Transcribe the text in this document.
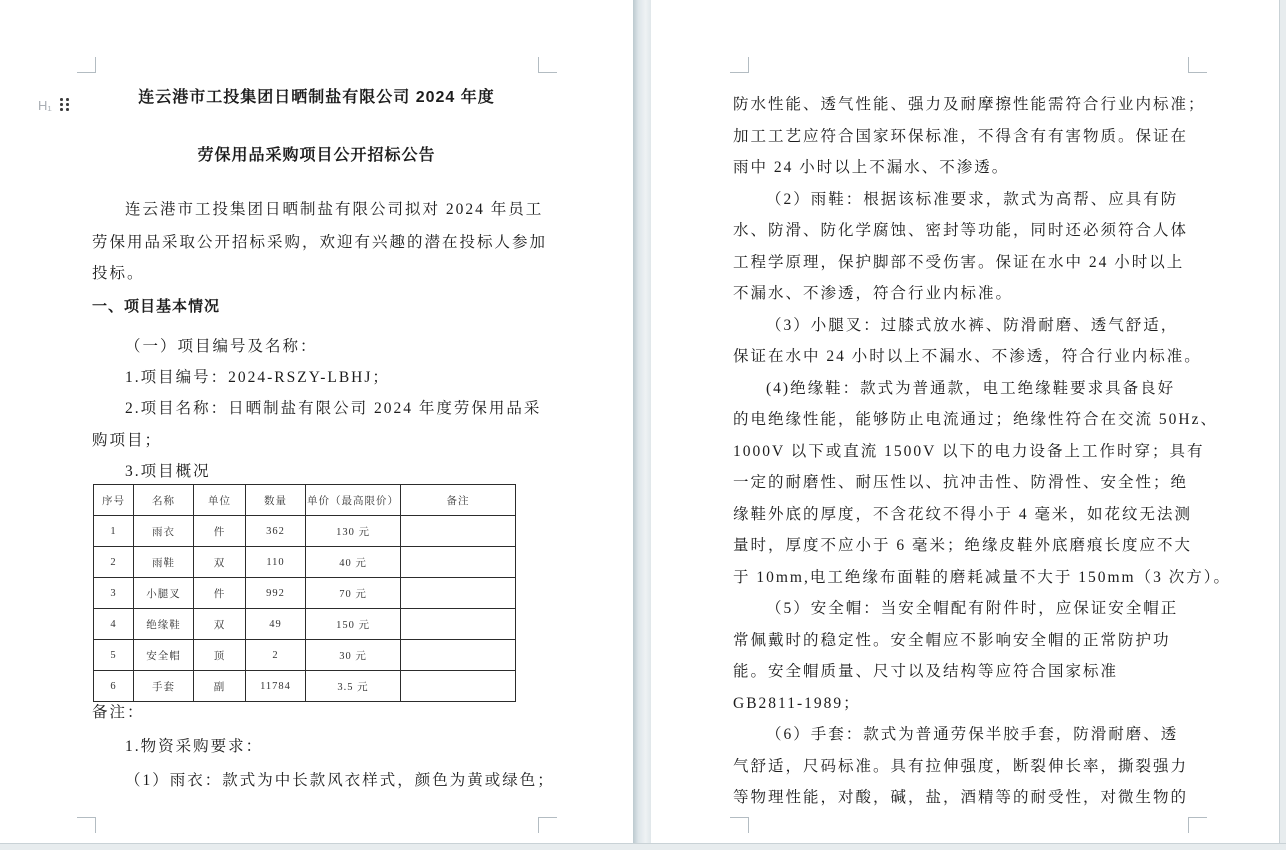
H₁	连云港市工投集团日晒制盐有限公司 2024 年度
劳保用品采购项目公开招标公告
连云港市工投集团日晒制盐有限公司拟对 2024 年员工
劳保用品采取公开招标采购，欢迎有兴趣的潜在投标人参加
投标。
一、项目基本情况
（一）项目编号及名称：
1.项目编号：2024-RSZY-LBHJ；
2.项目名称：日晒制盐有限公司 2024 年度劳保用品采
购项目；
3.项目概况
序号	名称	单位	数量	单价（最高限价）	备注
1	雨衣	件	362	130 元	
2	雨鞋	双	110	40 元	
3	小腿叉	件	992	70 元	
4	绝缘鞋	双	49	150 元	
5	安全帽	顶	2	30 元	
6	手套	副	11784	3.5 元	
备注：
1.物资采购要求：
（1）雨衣：款式为中长款风衣样式，颜色为黄或绿色；
防水性能、透气性能、强力及耐摩擦性能需符合行业内标准；
加工工艺应符合国家环保标准，不得含有有害物质。保证在
雨中 24 小时以上不漏水、不渗透。
（2）雨鞋：根据该标准要求，款式为高帮、应具有防
水、防滑、防化学腐蚀、密封等功能，同时还必须符合人体
工程学原理，保护脚部不受伤害。保证在水中 24 小时以上
不漏水、不渗透，符合行业内标准。
（3）小腿叉：过膝式放水裤、防滑耐磨、透气舒适，
保证在水中 24 小时以上不漏水、不渗透，符合行业内标准。
(4)绝缘鞋：款式为普通款，电工绝缘鞋要求具备良好
的电绝缘性能，能够防止电流通过；绝缘性符合在交流 50Hz、
1000V 以下或直流 1500V 以下的电力设备上工作时穿；具有
一定的耐磨性、耐压性以、抗冲击性、防滑性、安全性；绝
缘鞋外底的厚度，不含花纹不得小于 4 毫米，如花纹无法测
量时，厚度不应小于 6 毫米；绝缘皮鞋外底磨痕长度应不大
于 10mm,电工绝缘布面鞋的磨耗减量不大于 150mm（3 次方）。
（5）安全帽：当安全帽配有附件时，应保证安全帽正
常佩戴时的稳定性。安全帽应不影响安全帽的正常防护功
能。安全帽质量、尺寸以及结构等应符合国家标准
GB2811-1989；
（6）手套：款式为普通劳保半胶手套，防滑耐磨、透
气舒适，尺码标准。具有拉伸强度，断裂伸长率，撕裂强力
等物理性能，对酸，碱，盐，酒精等的耐受性，对微生物的
